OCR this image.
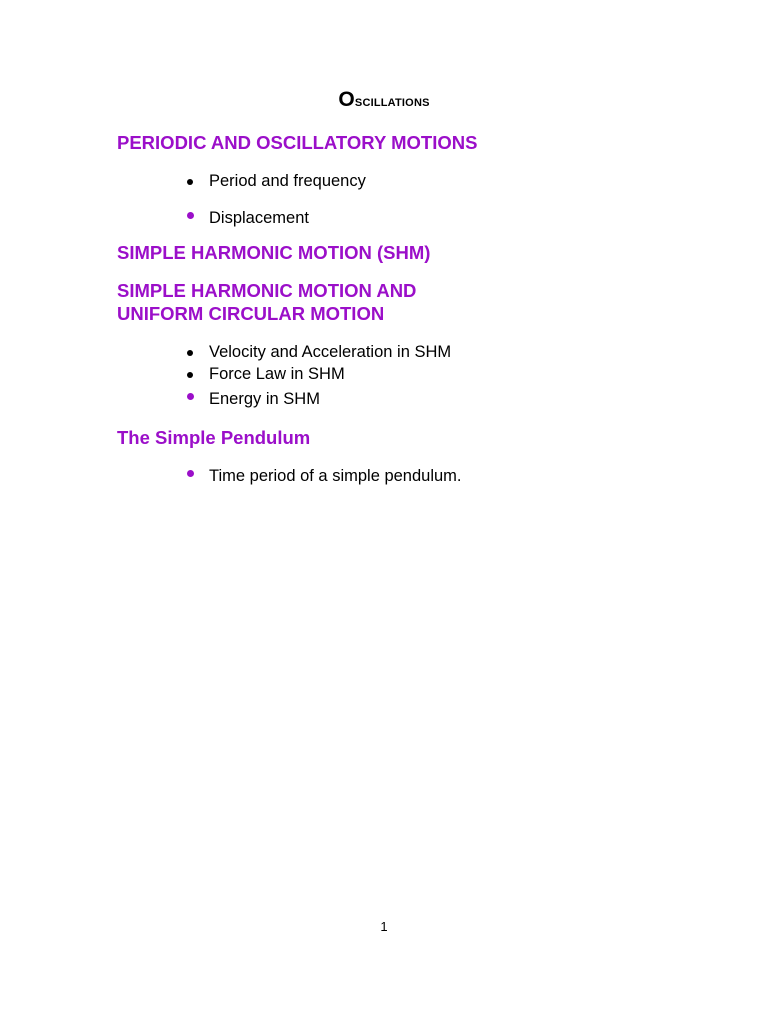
Oscillations
PERIODIC AND OSCILLATORY MOTIONS
Period and frequency
Displacement
SIMPLE HARMONIC MOTION (SHM)
SIMPLE HARMONIC MOTION AND
UNIFORM CIRCULAR MOTION
Velocity and Acceleration in SHM
Force Law in SHM
Energy in SHM
The Simple Pendulum
Time period of a simple pendulum.
1
